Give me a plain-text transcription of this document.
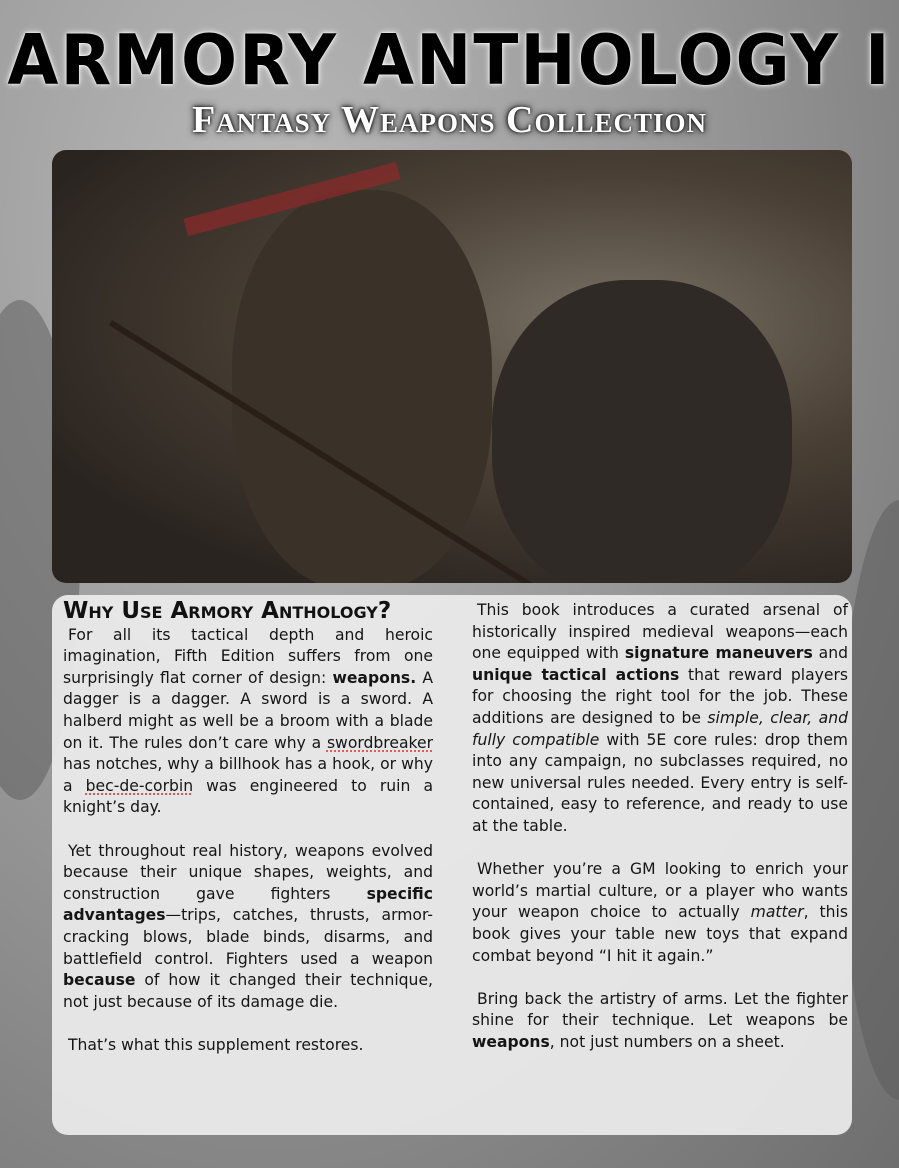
ARMORY ANTHOLOGY I
Fantasy Weapons Collection
Why Use Armory Anthology?

For all its tactical depth and heroic imagination, Fifth Edition suffers from one surprisingly flat corner of design: weapons. A dagger is a dagger. A sword is a sword. A halberd might as well be a broom with a blade on it. The rules don’t care why a swordbreaker has notches, why a billhook has a hook, or why a bec-de-corbin was engineered to ruin a knight’s day.

Yet throughout real history, weapons evolved because their unique shapes, weights, and construction gave fighters specific advantages—trips, catches, thrusts, armor-cracking blows, blade binds, disarms, and battlefield control. Fighters used a weapon because of how it changed their technique, not just because of its damage die.

That’s what this supplement restores.

This book introduces a curated arsenal of historically inspired medieval weapons—each one equipped with signature maneuvers and unique tactical actions that reward players for choosing the right tool for the job. These additions are designed to be simple, clear, and fully compatible with 5E core rules: drop them into any campaign, no subclasses required, no new universal rules needed. Every entry is self-contained, easy to reference, and ready to use at the table.

Whether you’re a GM looking to enrich your world’s martial culture, or a player who wants your weapon choice to actually matter, this book gives your table new toys that expand combat beyond “I hit it again.”

Bring back the artistry of arms. Let the fighter shine for their technique. Let weapons be weapons, not just numbers on a sheet.
